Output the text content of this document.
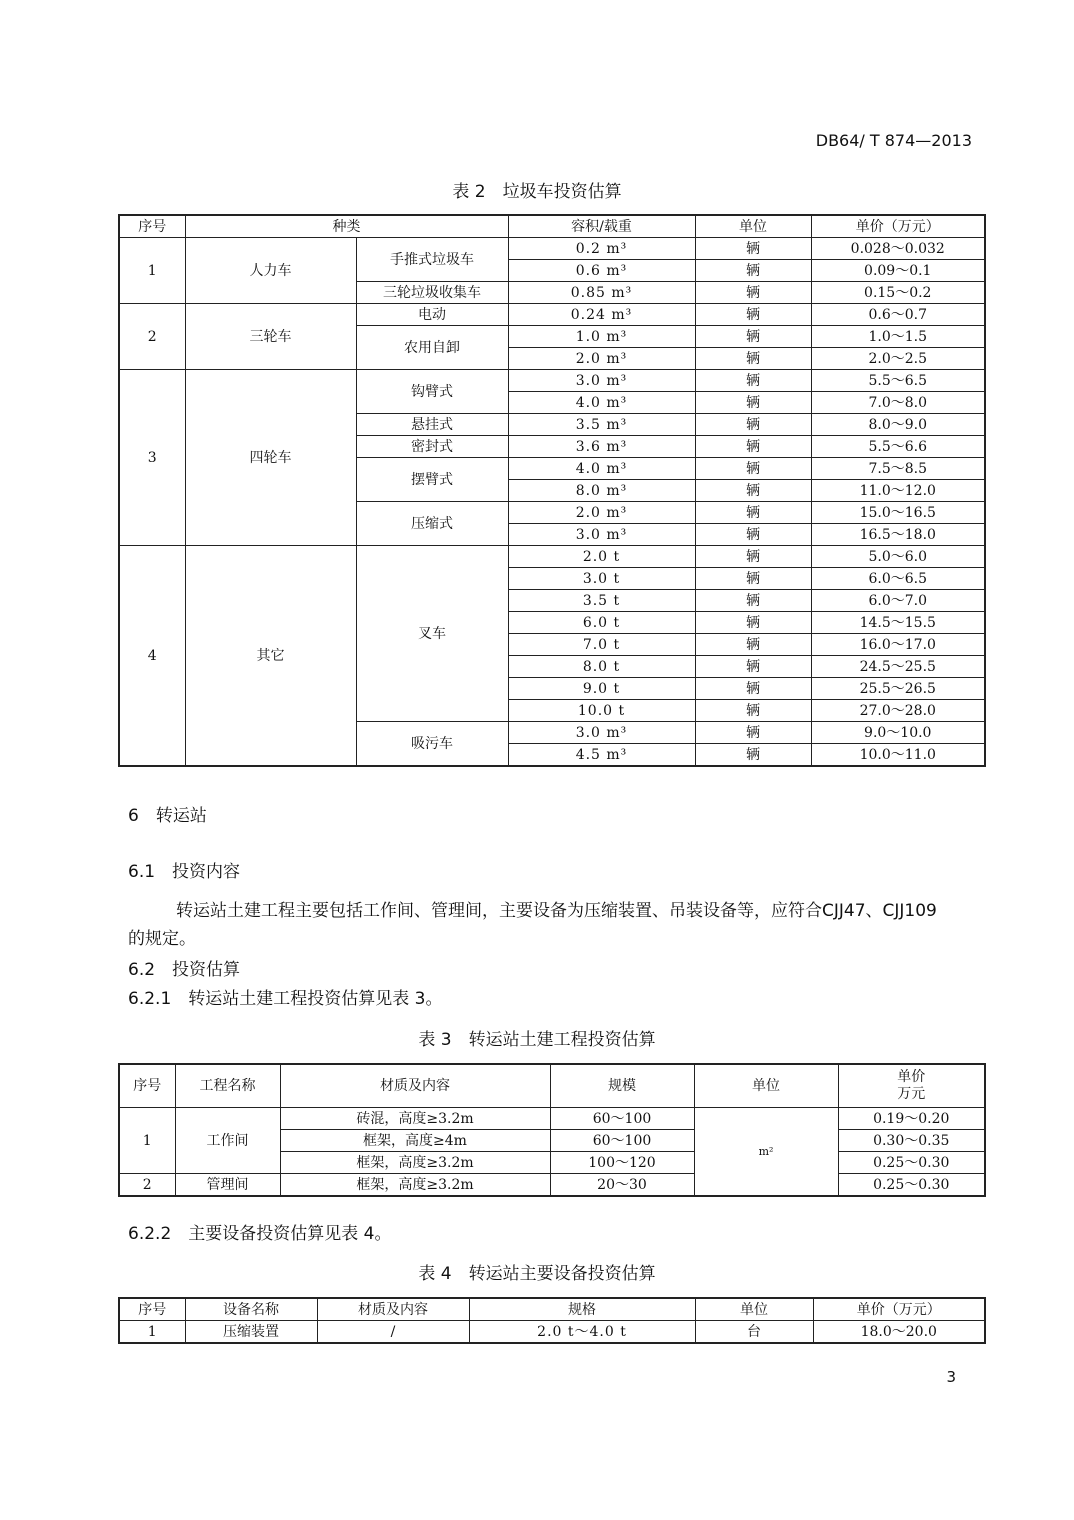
DB64/ T 874—2013
表 2　垃圾车投资估算
序号	种类		容积/载重	单位	单价（万元）
1	人力车	手推式垃圾车	0.2 m³	辆	0.028～0.032
			0.6 m³	辆	0.09～0.1
		三轮垃圾收集车	0.85 m³	辆	0.15～0.2
2	三轮车	电动	0.24 m³	辆	0.6～0.7
		农用自卸	1.0 m³	辆	1.0～1.5
			2.0 m³	辆	2.0～2.5
3	四轮车	钩臂式	3.0 m³	辆	5.5～6.5
			4.0 m³	辆	7.0～8.0
		悬挂式	3.5 m³	辆	8.0～9.0
		密封式	3.6 m³	辆	5.5～6.6
		摆臂式	4.0 m³	辆	7.5～8.5
			8.0 m³	辆	11.0～12.0
		压缩式	2.0 m³	辆	15.0～16.5
			3.0 m³	辆	16.5～18.0
4	其它	叉车	2.0 t	辆	5.0～6.0
			3.0 t	辆	6.0～6.5
			3.5 t	辆	6.0～7.0
			6.0 t	辆	14.5～15.5
			7.0 t	辆	16.0～17.0
			8.0 t	辆	24.5～25.5
			9.0 t	辆	25.5～26.5
			10.0 t	辆	27.0～28.0
		吸污车	3.0 m³	辆	9.0～10.0
			4.5 m³	辆	10.0～11.0
6　转运站
6.1　投资内容
转运站土建工程主要包括工作间、管理间，主要设备为压缩装置、吊装设备等，应符合CJJ47、CJJ109
的规定。
6.2　投资估算
6.2.1　转运站土建工程投资估算见表 3。
表 3　转运站土建工程投资估算
序号	工程名称	材质及内容	规模	单位	单价
万元

1	工作间	砖混，高度≥3.2m	60～100	m²	0.19～0.20
		框架，高度≥4m	60～100		0.30～0.35
		框架，高度≥3.2m	100～120		0.25～0.30
2	管理间	框架，高度≥3.2m	20～30		0.25～0.30
6.2.2　主要设备投资估算见表 4。
表 4　转运站主要设备投资估算
序号	设备名称	材质及内容	规格	单位	单价（万元）
1	压缩装置	/	2.0 t～4.0 t	台	18.0～20.0
3
